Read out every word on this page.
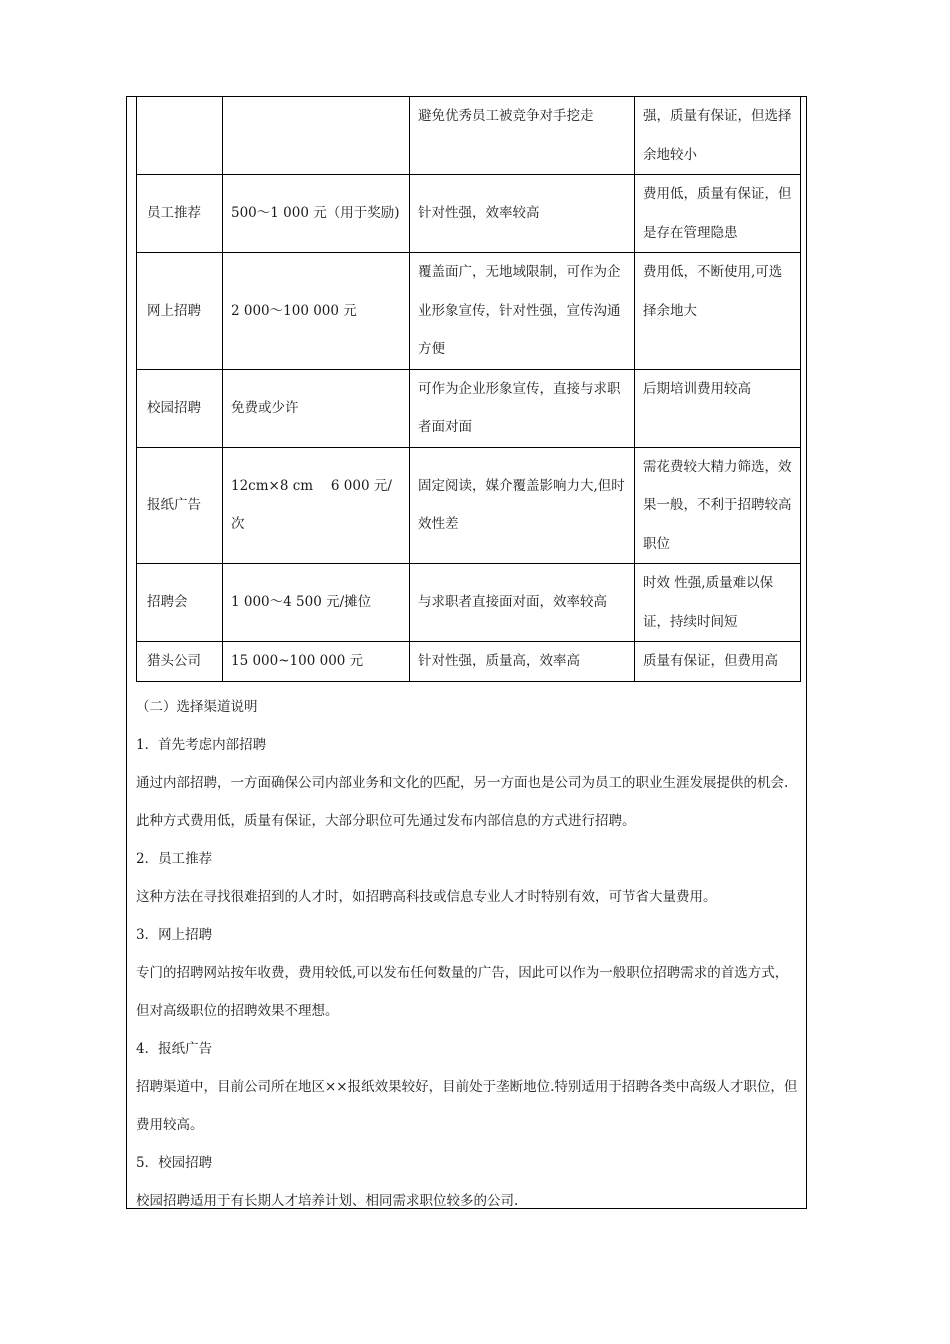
		避免优秀员工被竞争对手挖走	强，质量有保证，但选择余地较小
员工推荐	500～1 000 元（用于奖励)	针对性强，效率较高	费用低，质量有保证，但是存在管理隐患
网上招聘	2 000～100 000 元	覆盖面广，无地域限制，可作为企业形象宣传，针对性强，宣传沟通方便	费用低，不断使用,可选择余地大
校园招聘	免费或少许	可作为企业形象宣传，直接与求职者面对面	后期培训费用较高
报纸广告	12cm×8 cm　 6 000 元/次	固定阅读，媒介覆盖影响力大,但时效性差	需花费较大精力筛选，效果一般，不利于招聘较高职位
招聘会	1 000～4 500 元/摊位	与求职者直接面对面，效率较高	时效 性强,质量难以保证，持续时间短
猎头公司	15 000~100 000 元	针对性强，质量高，效率高	质量有保证，但费用高

（二）选择渠道说明

1．首先考虑内部招聘

通过内部招聘，一方面确保公司内部业务和文化的匹配，另一方面也是公司为员工的职业生涯发展提供的机会.此种方式费用低，质量有保证，大部分职位可先通过发布内部信息的方式进行招聘。

2．员工推荐

这种方法在寻找很难招到的人才时，如招聘高科技或信息专业人才时特别有效，可节省大量费用。

3．网上招聘

专门的招聘网站按年收费，费用较低,可以发布任何数量的广告，因此可以作为一般职位招聘需求的首选方式，但对高级职位的招聘效果不理想。

4．报纸广告

招聘渠道中，目前公司所在地区××报纸效果较好，目前处于垄断地位.特别适用于招聘各类中高级人才职位，但费用较高。

5．校园招聘

校园招聘适用于有长期人才培养计划、相同需求职位较多的公司.
